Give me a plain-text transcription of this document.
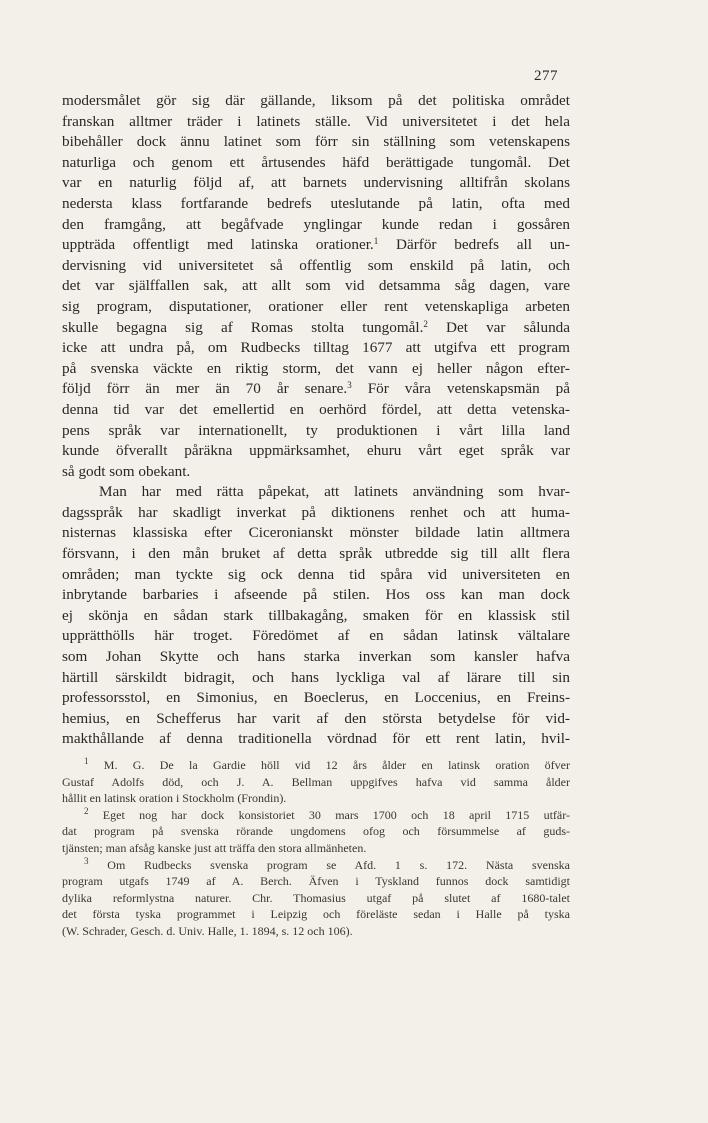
277
modersmålet gör sig där gällande, liksom på det politiska området
franskan alltmer träder i latinets ställe. Vid universitetet i det hela
bibehåller dock ännu latinet som förr sin ställning som vetenskapens
naturliga och genom ett årtusendes häfd berättigade tungomål. Det
var en naturlig följd af, att barnets undervisning alltifrån skolans
nedersta klass fortfarande bedrefs uteslutande på latin, ofta med
den framgång, att begåfvade ynglingar kunde redan i gossåren
uppträda offentligt med latinska orationer.$^1$ Därför bedrefs all un-
dervisning vid universitetet så offentlig som enskild på latin, och
det var själffallen sak, att allt som vid detsamma såg dagen, vare
sig program, disputationer, orationer eller rent vetenskapliga arbeten
skulle begagna sig af Romas stolta tungomål.$^2$ Det var sålunda
icke att undra på, om Rudbecks tilltag 1677 att utgifva ett program
på svenska väckte en riktig storm, det vann ej heller någon efter-
följd förr än mer än 70 år senare.$^3$ För våra vetenskapsmän på
denna tid var det emellertid en oerhörd fördel, att detta vetenska-
pens språk var internationellt, ty produktionen i vårt lilla land
kunde öfverallt påräkna uppmärksamhet, ehuru vårt eget språk var
så godt som obekant.
Man har med rätta påpekat, att latinets användning som hvar-
dagsspråk har skadligt inverkat på diktionens renhet och att huma-
nisternas klassiska efter Ciceronianskt mönster bildade latin alltmera
försvann, i den mån bruket af detta språk utbredde sig till allt flera
områden; man tyckte sig ock denna tid spåra vid universiteten en
inbrytande barbaries i afseende på stilen. Hos oss kan man dock
ej skönja en sådan stark tillbakagång, smaken för en klassisk stil
upprätthölls här troget. Föredömet af en sådan latinsk vältalare
som Johan Skytte och hans starka inverkan som kansler hafva
härtill särskildt bidragit, och hans lyckliga val af lärare till sin
professorsstol, en Simonius, en Boeclerus, en Loccenius, en Freins-
hemius, en Schefferus har varit af den största betydelse för vid-
makthållande af denna traditionella vördnad för ett rent latin, hvil-
$^1$ M. G. De la Gardie höll vid 12 års ålder en latinsk oration öfver
Gustaf Adolfs död, och J. A. Bellman uppgifves hafva vid samma ålder
hållit en latinsk oration i Stockholm (Frondin).
$^2$ Eget nog har dock konsistoriet 30 mars 1700 och 18 april 1715 utfär-
dat program på svenska rörande ungdomens ofog och försummelse af guds-
tjänsten; man afsåg kanske just att träffa den stora allmänheten.
$^3$ Om Rudbecks svenska program se Afd. 1 s. 172. Nästa svenska
program utgafs 1749 af A. Berch. Äfven i Tyskland funnos dock samtidigt
dylika reformlystna naturer. Chr. Thomasius utgaf på slutet af 1680-talet
det första tyska programmet i Leipzig och föreläste sedan i Halle på tyska
(W. Schrader, Gesch. d. Univ. Halle, 1. 1894, s. 12 och 106).
